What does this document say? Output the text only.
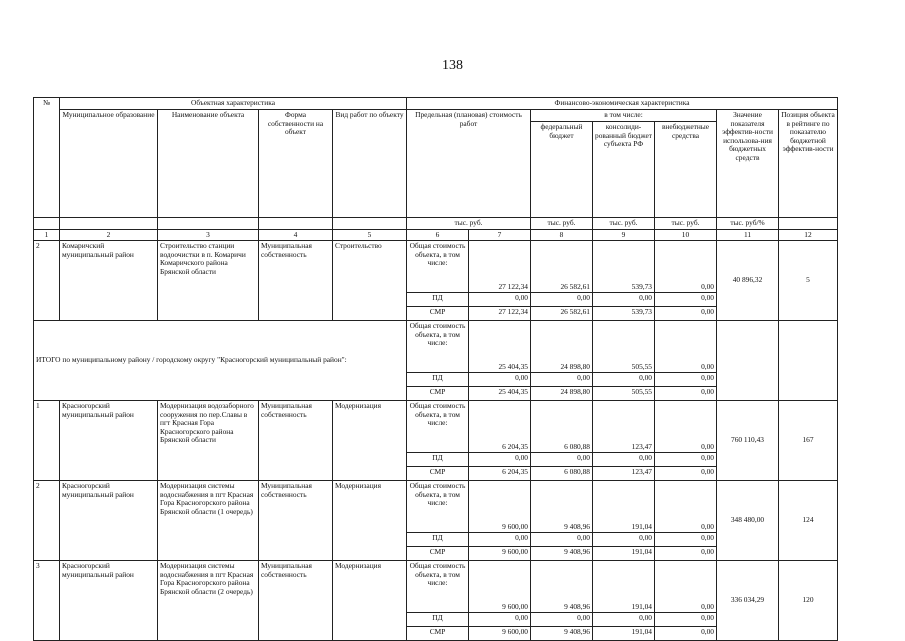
138
№	Объектная характеристика				Финансово-экономическая характеристика						
	Муниципальное образование	Наименование объекта	Форма собственности на объект	Вид работ по объекту	Предельная (плановая) стоимость работ		в том числе:			Значение показателя эффектив-ности использова-ния бюджетных средств	Позиция объекта в рейтинге по показателю бюджетной эффектив-ности
							федеральный бюджет	консолиди-рованный бюджет субъекта РФ	внебюджетные средства		
					тыс. руб.		тыс. руб.	тыс. руб.	тыс. руб.	тыс. руб/%	
1	2	3	4	5	6	7	8	9	10	11	12
2	Комаричский муниципальный район	Строительство станции водоочистки в п. Комаричи Комаричского района Брянской области	Муниципальная собственность	Строительство	Общая стоимость объекта, в том числе:	27 122,34	26 582,61	539,73	0,00	40 896,32	5
					ПД	0,00	0,00	0,00	0,00		
					СМР	27 122,34	26 582,61	539,73	0,00		
ИТОГО по муниципальному району / городскому округу "Красногорский муниципальный район":					Общая стоимость объекта, в том числе:	25 404,35	24 898,80	505,55	0,00		
					ПД	0,00	0,00	0,00	0,00		
					СМР	25 404,35	24 898,80	505,55	0,00		
1	Красногорский муниципальный район	Модернизация водозаборного сооружения по пер.Славы в пгт Красная Гора Красногорского района Брянской области	Муниципальная собственность	Модернизация	Общая стоимость объекта, в том числе:	6 204,35	6 080,88	123,47	0,00	760 110,43	167
					ПД	0,00	0,00	0,00	0,00		
					СМР	6 204,35	6 080,88	123,47	0,00		
2	Красногорский муниципальный район	Модернизация системы водоснабжения в пгт Красная Гора Красногорского района Брянской области (1 очередь)	Муниципальная собственность	Модернизация	Общая стоимость объекта, в том числе:	9 600,00	9 408,96	191,04	0,00	348 480,00	124
					ПД	0,00	0,00	0,00	0,00		
					СМР	9 600,00	9 408,96	191,04	0,00		
3	Красногорский муниципальный район	Модернизация системы водоснабжения в пгт Красная Гора Красногорского района Брянской области (2 очередь)	Муниципальная собственность	Модернизация	Общая стоимость объекта, в том числе:	9 600,00	9 408,96	191,04	0,00	336 034,29	120
					ПД	0,00	0,00	0,00	0,00		
					СМР	9 600,00	9 408,96	191,04	0,00		
